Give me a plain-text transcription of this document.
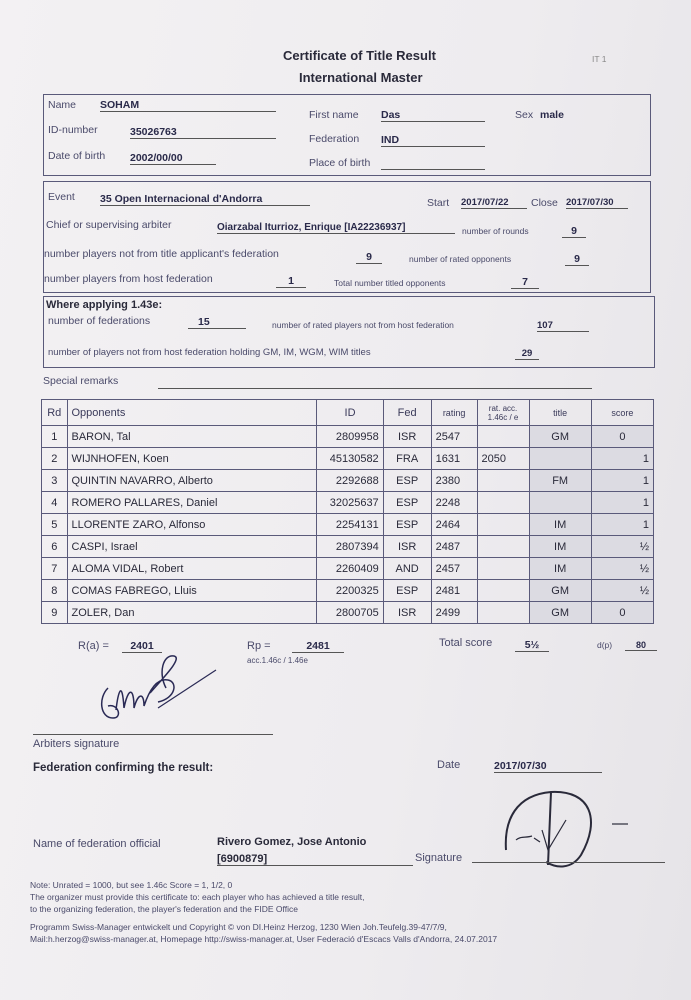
Certificate of Title Result
International Master
IT 1
Name SOHAM
First name Das	Sex male
ID-number	35026763
Federation IND
Date of birth 2002/00/00	Place of birth
Event 35 Open Internacional d'Andorra	Start 2017/07/22	Close 2017/07/30
Chief or supervising arbiter	Oiarzabal Iturrioz, Enrique [IA22236937]	number of rounds	9
number players not from title applicant's federation	9	number of rated opponents	9
number players from host federation	1	Total number titled opponents	7
Where applying 1.43e:
number of federations	15	number of rated players not from host federation	107
number of players not from host federation holding GM, IM, WGM, WIM titles	29
Special remarks
Rd	Opponents	ID	Fed	rating	rat. acc.
1.46c / e	title	score
1	BARON, Tal	2809958	ISR	2547		GM	0
2	WIJNHOFEN, Koen	45130582	FRA	1631	2050		1
3	QUINTIN NAVARRO, Alberto	2292688	ESP	2380		FM	1
4	ROMERO PALLARES, Daniel	32025637	ESP	2248			1
5	LLORENTE ZARO, Alfonso	2254131	ESP	2464		IM	1
6	CASPI, Israel	2807394	ISR	2487		IM	½
7	ALOMA VIDAL, Robert	2260409	AND	2457		IM	½
8	COMAS FABREGO, Lluis	2200325	ESP	2481		GM	½
9	ZOLER, Dan	2800705	ISR	2499		GM	0
R(a) =	2401	Rp =	2481
acc.1.46c / 1.46e
Total score	5½	d(p)	80
Arbiters signature
Federation confirming the result:	Date	2017/07/30
Name of federation official	Rivero Gomez, Jose Antonio
[6900879]	Signature
Note: Unrated = 1000, but see 1.46c Score = 1, 1/2, 0
The organizer must provide this certificate to: each player who has achieved a title result,
to the organizing federation, the player's federation and the FIDE Office
Programm Swiss-Manager entwickelt und Copyright © von DI.Heinz Herzog, 1230 Wien Joh.Teufelg.39-47/7/9,
Mail:h.herzog@swiss-manager.at, Homepage http://swiss-manager.at, User Federació d'Escacs Valls d'Andorra, 24.07.2017
